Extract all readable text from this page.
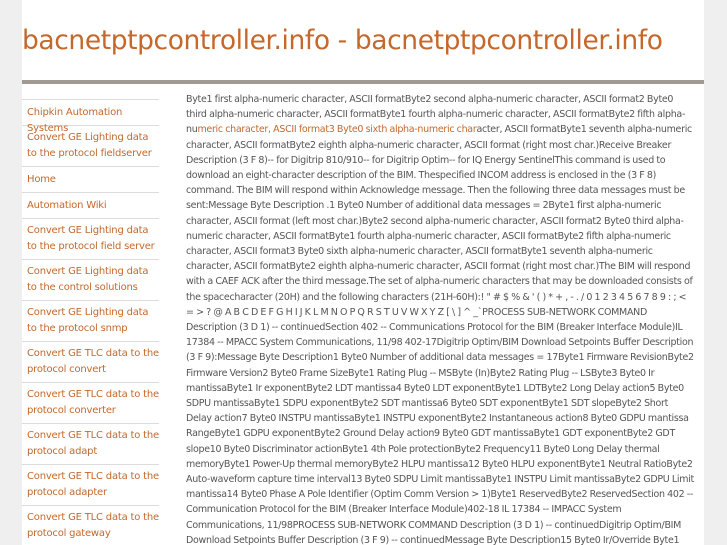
bacnetptpcontroller.info - bacnetptpcontroller.info
Chipkin Automation Systems
Convert GE Lighting data to the protocol fieldserver
Home
Automation Wiki
Convert GE Lighting data to the protocol field server
Convert GE Lighting data to the control solutions
Convert GE Lighting data to the protocol snmp
Convert GE TLC data to the protocol convert
Convert GE TLC data to the protocol converter
Convert GE TLC data to the protocol adapt
Convert GE TLC data to the protocol adapter
Convert GE TLC data to the protocol gateway

Byte1 first alpha-numeric character, ASCII formatByte2 second alpha-numeric character, ASCII format2 Byte0 third alpha-numeric character, ASCII formatByte1 fourth alpha-numeric character, ASCII formatByte2 fifth alpha-numeric character, ASCII format3 Byte0 sixth alpha-numeric character, ASCII formatByte1 seventh alpha-numeric character, ASCII formatByte2 eighth alpha-numeric character, ASCII format (right most char.)Receive Breaker Description (3 F 8)-- for Digitrip 810/910-- for Digitrip Optim-- for IQ Energy SentinelThis command is used to download an eight-character description of the BIM. Thespecified INCOM address is enclosed in the (3 F 8) command. The BIM will respond within Acknowledge message. Then the following three data messages must be sent:Message Byte Description .1 Byte0 Number of additional data messages = 2Byte1 first alpha-numeric character, ASCII format (left most char.)Byte2 second alpha-numeric character, ASCII format2 Byte0 third alpha-numeric character, ASCII formatByte1 fourth alpha-numeric character, ASCII formatByte2 fifth alpha-numeric character, ASCII format3 Byte0 sixth alpha-numeric character, ASCII formatByte1 seventh alpha-numeric character, ASCII formatByte2 eighth alpha-numeric character, ASCII format (right most char.)The BIM will respond with a CAEF ACK after the third message.The set of alpha-numeric characters that may be downloaded consists of the spacecharacter (20H) and the following characters (21H-60H):! " # $ % & ' ( ) * + , - . / 0 1 2 3 4 5 6 7 8 9 : ; < = > ? @ A B C D E F G H I J K L M N O P Q R S T U V W X Y Z [ \ ] ^ _`PROCESS SUB-NETWORK COMMAND Description (3 D 1) -- continuedSection 402 -- Communications Protocol for the BIM (Breaker Interface Module)IL 17384 -- MPACC System Communications, 11/98 402-17Digitrip Optim/BIM Download Setpoints Buffer Description (3 F 9):Message Byte Description1 Byte0 Number of additional data messages = 17Byte1 Firmware RevisionByte2 Firmware Version2 Byte0 Frame SizeByte1 Rating Plug -- MSByte (In)Byte2 Rating Plug -- LSByte3 Byte0 Ir mantissaByte1 Ir exponentByte2 LDT mantissa4 Byte0 LDT exponentByte1 LDTByte2 Long Delay action5 Byte0 SDPU mantissaByte1 SDPU exponentByte2 SDT mantissa6 Byte0 SDT exponentByte1 SDT slopeByte2 Short Delay action7 Byte0 INSTPU mantissaByte1 INSTPU exponentByte2 Instantaneous action8 Byte0 GDPU mantissa RangeByte1 GDPU exponentByte2 Ground Delay action9 Byte0 GDT mantissaByte1 GDT exponentByte2 GDT slope10 Byte0 Discriminator actionByte1 4th Pole protectionByte2 Frequency11 Byte0 Long Delay thermal memoryByte1 Power-Up thermal memoryByte2 HLPU mantissa12 Byte0 HLPU exponentByte1 Neutral RatioByte2 Auto-waveform capture time interval13 Byte0 SDPU Limit mantissaByte1 INSTPU Limit mantissaByte2 GDPU Limit mantissa14 Byte0 Phase A Pole Identifier (Optim Comm Version > 1)Byte1 ReservedByte2 ReservedSection 402 -- Communication Protocol for the BIM (Breaker Interface Module)402-18 IL 17384 -- IMPACC System Communications, 11/98PROCESS SUB-NETWORK COMMAND Description (3 D 1) -- continuedDigitrip Optim/BIM Download Setpoints Buffer Description (3 F 9) -- continuedMessage Byte Description15 Byte0 Ir/Override Byte1
